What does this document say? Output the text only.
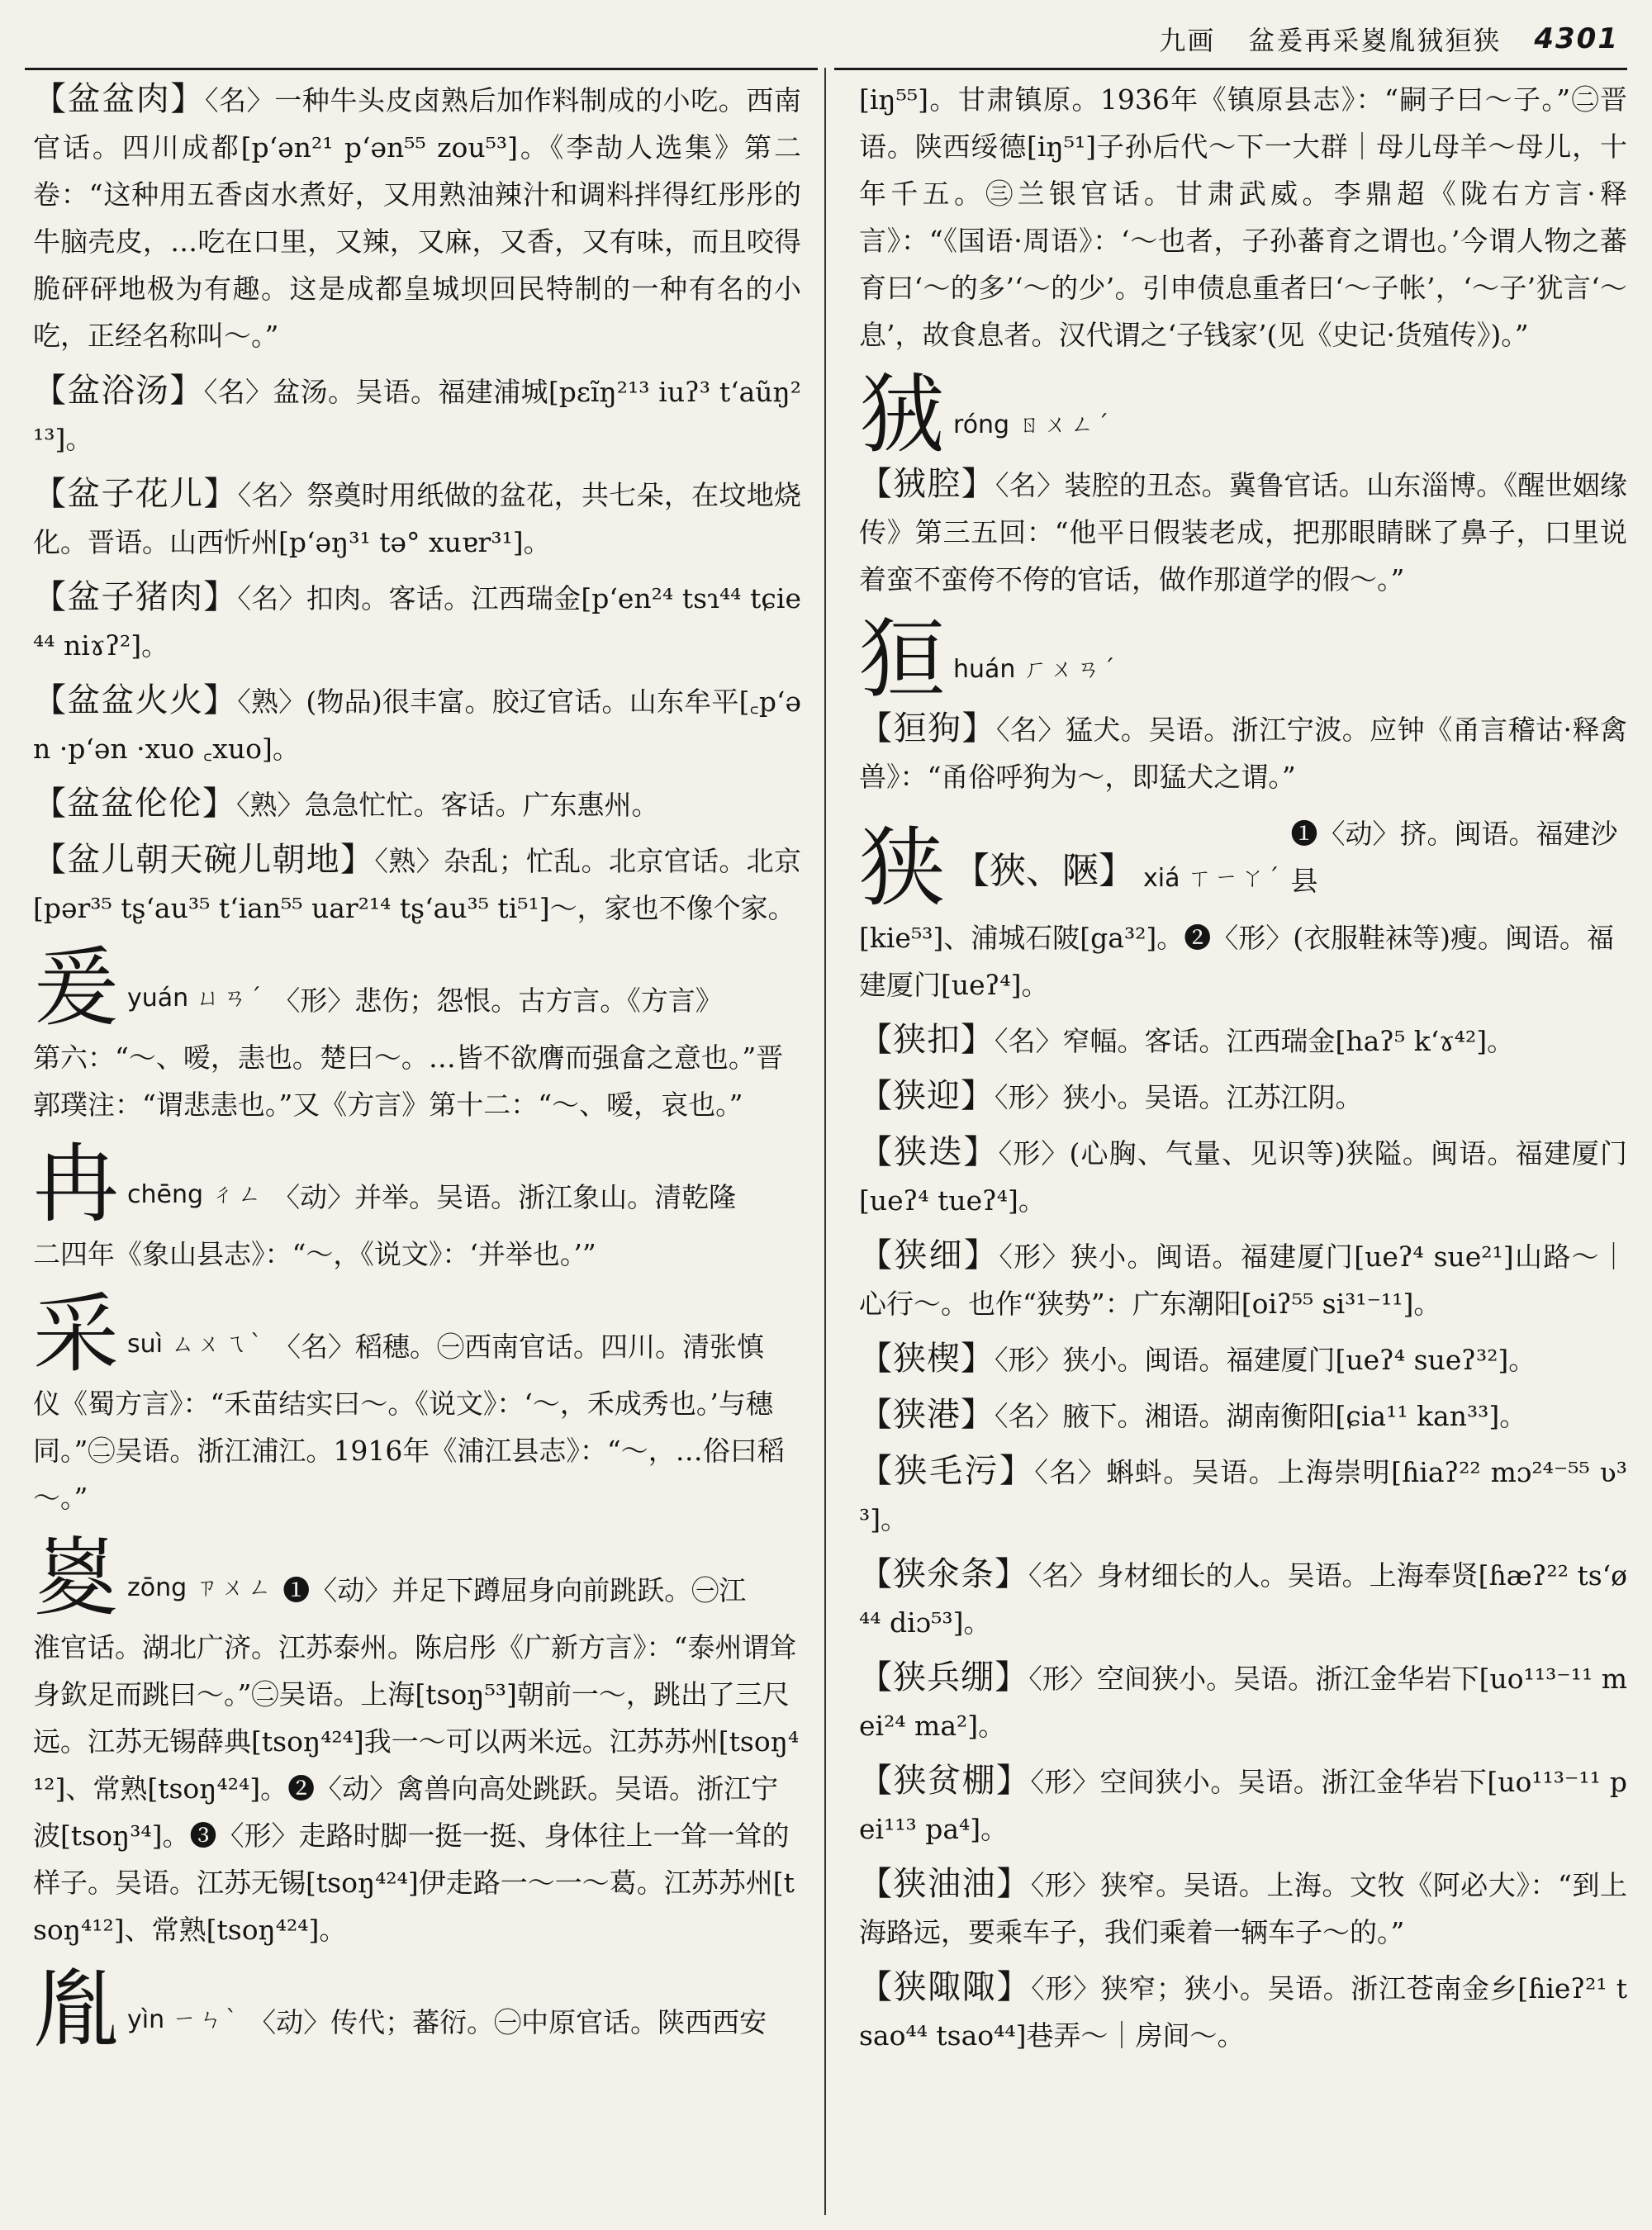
九画 盆爰再采嵏胤狨狟狭 4301
【盆盆肉】〈名〉一种牛头皮卤熟后加作料制成的小吃。西南官话。四川成都[p‘ən²¹ p‘ən⁵⁵ zou⁵³]。《李劼人选集》第二卷：“这种用五香卤水煮好，又用熟油辣汁和调料拌得红彤彤的牛脑壳皮，…吃在口里，又辣，又麻，又香，又有味，而且咬得脆砰砰地极为有趣。这是成都皇城坝回民特制的一种有名的小吃，正经名称叫～。”
【盆浴汤】〈名〉盆汤。吴语。福建浦城[pɛĩŋ²¹³ iuʔ³ t‘aũŋ²¹³]。
【盆子花儿】〈名〉祭奠时用纸做的盆花，共七朵，在坟地烧化。晋语。山西忻州[p‘əŋ³¹ tə° xuɐr³¹]。
【盆子猪肉】〈名〉扣肉。客话。江西瑞金[p‘en²⁴ tsɿ⁴⁴ tɕie⁴⁴ niɤʔ²]。
【盆盆火火】〈熟〉(物品)很丰富。胶辽官话。山东牟平[꜀p‘ən ·p‘ən ·xuo ꜀xuo]。
【盆盆伦伦】〈熟〉急急忙忙。客话。广东惠州。
【盆儿朝天碗儿朝地】〈熟〉杂乱；忙乱。北京官话。北京[pər³⁵ tʂ‘au³⁵ t‘ian⁵⁵ uar²¹⁴ tʂ‘au³⁵ ti⁵¹]～，家也不像个家。
爰 yuán ㄩㄢˊ 〈形〉悲伤；怨恨。古方言。《方言》
第六：“～、嗳，恚也。楚曰～。…皆不欲膺而强畣之意也。”晋郭璞注：“谓悲恚也。”又《方言》第十二：“～、嗳，哀也。”
冉 chēng ㄔㄥ 〈动〉并举。吴语。浙江象山。清乾隆
二四年《象山县志》：“～，《说文》：‘并举也。’”
采 suì ㄙㄨㄟˋ 〈名〉稻穗。㊀西南官话。四川。清张慎
仪《蜀方言》：“禾苗结实曰～。《说文》：‘～，禾成秀也。’与穗同。”㊁吴语。浙江浦江。1916年《浦江县志》：“～，…俗曰稻～。”
嵏 zōng ㄗㄨㄥ ❶〈动〉并足下蹲屈身向前跳跃。㊀江
淮官话。湖北广济。江苏泰州。陈启彤《广新方言》：“泰州谓耸身欽足而跳曰～。”㊁吴语。上海[tsoŋ⁵³]朝前一～，跳出了三尺远。江苏无锡薛典[tsoŋ⁴²⁴]我一～可以两米远。江苏苏州[tsoŋ⁴¹²]、常熟[tsoŋ⁴²⁴]。❷〈动〉禽兽向高处跳跃。吴语。浙江宁波[tsoŋ³⁴]。❸〈形〉走路时脚一挺一挺、身体往上一耸一耸的样子。吴语。江苏无锡[tsoŋ⁴²⁴]伊走路一～一～葛。江苏苏州[tsoŋ⁴¹²]、常熟[tsoŋ⁴²⁴]。
胤 yìn ㄧㄣˋ 〈动〉传代；蕃衍。㊀中原官话。陕西西安
[iŋ⁵⁵]。甘肃镇原。1936年《镇原县志》：“嗣子曰～子。”㊁晋语。陕西绥德[iŋ⁵¹]子孙后代～下一大群｜母儿母羊～母儿，十年千五。㊂兰银官话。甘肃武威。李鼎超《陇右方言·释言》：“《国语·周语》：‘～也者，子孙蕃育之谓也。’今谓人物之蕃育曰‘～的多’‘～的少’。引申债息重者曰‘～子帐’，‘～子’犹言‘～息’，故食息者。汉代谓之‘子钱家’(见《史记·货殖传》)。”
狨 róng ㄖㄨㄥˊ
【狨腔】〈名〉装腔的丑态。冀鲁官话。山东淄博。《醒世姻缘传》第三五回：“他平日假装老成，把那眼睛眯了鼻子，口里说着蛮不蛮侉不侉的官话，做作那道学的假～。”
狟 huán ㄏㄨㄢˊ
【狟狗】〈名〉猛犬。吴语。浙江宁波。应钟《甬言稽诂·释禽兽》：“甬俗呼狗为～，即猛犬之谓。”
狭 【狹、陿】 xiá ㄒㄧㄚˊ
❶〈动〉挤。闽语。福建沙县
[kie⁵³]、浦城石陂[ga³²]。❷〈形〉(衣服鞋袜等)瘦。闽语。福建厦门[ueʔ⁴]。
【狭扣】〈名〉窄幅。客话。江西瑞金[haʔ⁵ k‘ɤ⁴²]。
【狭迎】〈形〉狭小。吴语。江苏江阴。
【狭迭】〈形〉(心胸、气量、见识等)狭隘。闽语。福建厦门[ueʔ⁴ tueʔ⁴]。
【狭细】〈形〉狭小。闽语。福建厦门[ueʔ⁴ sue²¹]山路～｜心行～。也作“狭势”：广东潮阳[oiʔ⁵⁵ si³¹⁻¹¹]。
【狭楔】〈形〉狭小。闽语。福建厦门[ueʔ⁴ sueʔ³²]。
【狭港】〈名〉腋下。湘语。湖南衡阳[ɕia¹¹ kan³³]。
【狭毛污】〈名〉蝌蚪。吴语。上海崇明[ɦiaʔ²² mɔ²⁴⁻⁵⁵ ʋ³³]。
【狭氽条】〈名〉身材细长的人。吴语。上海奉贤[ɦæʔ²² ts‘ø⁴⁴ diɔ⁵³]。
【狭兵绷】〈形〉空间狭小。吴语。浙江金华岩下[uo¹¹³⁻¹¹ mei²⁴ ma²]。
【狭贫棚】〈形〉空间狭小。吴语。浙江金华岩下[uo¹¹³⁻¹¹ pei¹¹³ pa⁴]。
【狭油油】〈形〉狭窄。吴语。上海。文牧《阿必大》：“到上海路远，要乘车子，我们乘着一辆车子～的。”
【狭陬陬】〈形〉狭窄；狭小。吴语。浙江苍南金乡[ɦieʔ²¹ tsao⁴⁴ tsao⁴⁴]巷弄～｜房间～。
